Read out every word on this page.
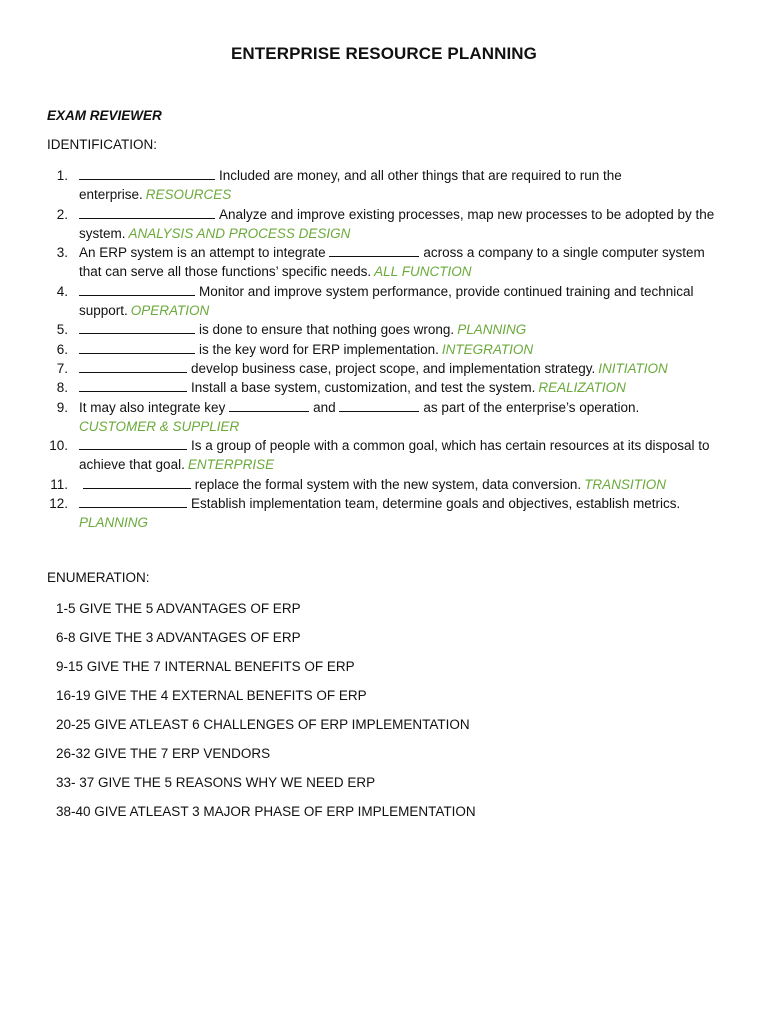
ENTERPRISE RESOURCE PLANNING
EXAM REVIEWER
IDENTIFICATION:
1.	Included are money, and all other things that are required to run the enterprise. RESOURCES
2.	Analyze and improve existing processes, map new processes to be adopted by the system. ANALYSIS AND PROCESS DESIGN
3. An ERP system is an attempt to integrate	across a company to a single computer system that can serve all those functions’ specific needs. ALL FUNCTION
4.	Monitor and improve system performance, provide continued training and technical support. OPERATION
5.	is done to ensure that nothing goes wrong. PLANNING
6.	is the key word for ERP implementation. INTEGRATION
7.	develop business case, project scope, and implementation strategy. INITIATION
8.	Install a base system, customization, and test the system. REALIZATION
9. It may also integrate key	and	as part of the enterprise’s operation.
CUSTOMER & SUPPLIER
10.	Is a group of people with a common goal, which has certain resources at its disposal to achieve that goal. ENTERPRISE
11.	replace the formal system with the new system, data conversion. TRANSITION
12.	Establish implementation team, determine goals and objectives, establish metrics.
PLANNING
ENUMERATION:
1-5 GIVE THE 5 ADVANTAGES OF ERP
6-8 GIVE THE 3 ADVANTAGES OF ERP
9-15 GIVE THE 7 INTERNAL BENEFITS OF ERP
16-19 GIVE THE 4 EXTERNAL BENEFITS OF ERP
20-25 GIVE ATLEAST 6 CHALLENGES OF ERP IMPLEMENTATION
26-32 GIVE THE 7 ERP VENDORS
33- 37 GIVE THE 5 REASONS WHY WE NEED ERP
38-40 GIVE ATLEAST 3 MAJOR PHASE OF ERP IMPLEMENTATION
